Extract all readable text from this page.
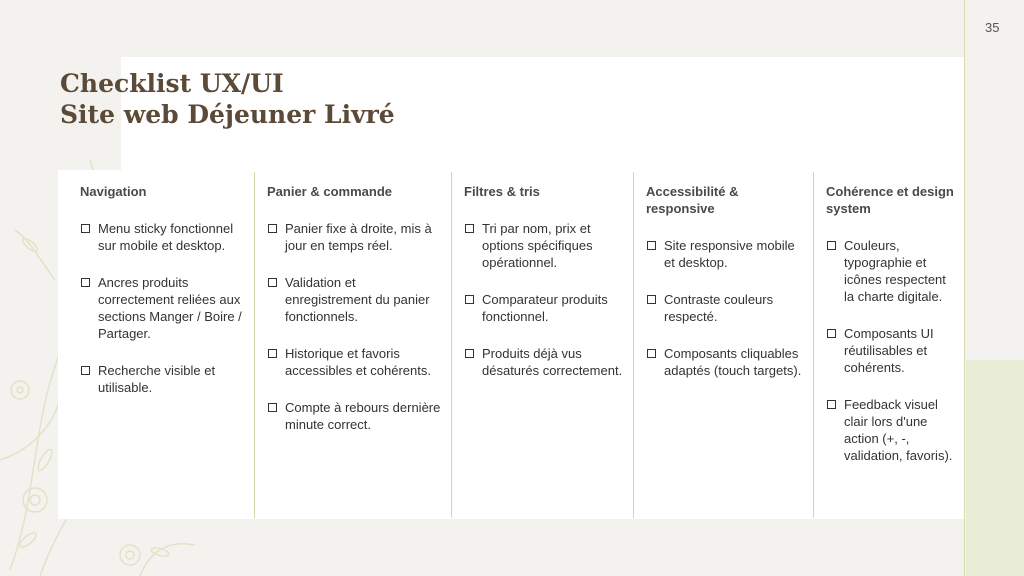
35
Checklist UX/UI
Site web Déjeuner Livré
Navigation
Menu sticky fonctionnel sur mobile et desktop.
Ancres produits correctement reliées aux sections Manger / Boire / Partager.
Recherche visible et utilisable.
Panier & commande
Panier fixe à droite, mis à jour en temps réel.
Validation et enregistrement du panier fonctionnels.
Historique et favoris accessibles et cohérents.
Compte à rebours dernière minute correct.
Filtres & tris
Tri par nom, prix et options spécifiques opérationnel.
Comparateur produits fonctionnel.
Produits déjà vus désaturés correctement.
Accessibilité & responsive
Site responsive mobile et desktop.
Contraste couleurs respecté.
Composants cliquables adaptés (touch targets).
Cohérence et design system
Couleurs, typographie et icônes respectent la charte digitale.
Composants UI réutilisables et cohérents.
Feedback visuel clair lors d'une action (+, -, validation, favoris).
